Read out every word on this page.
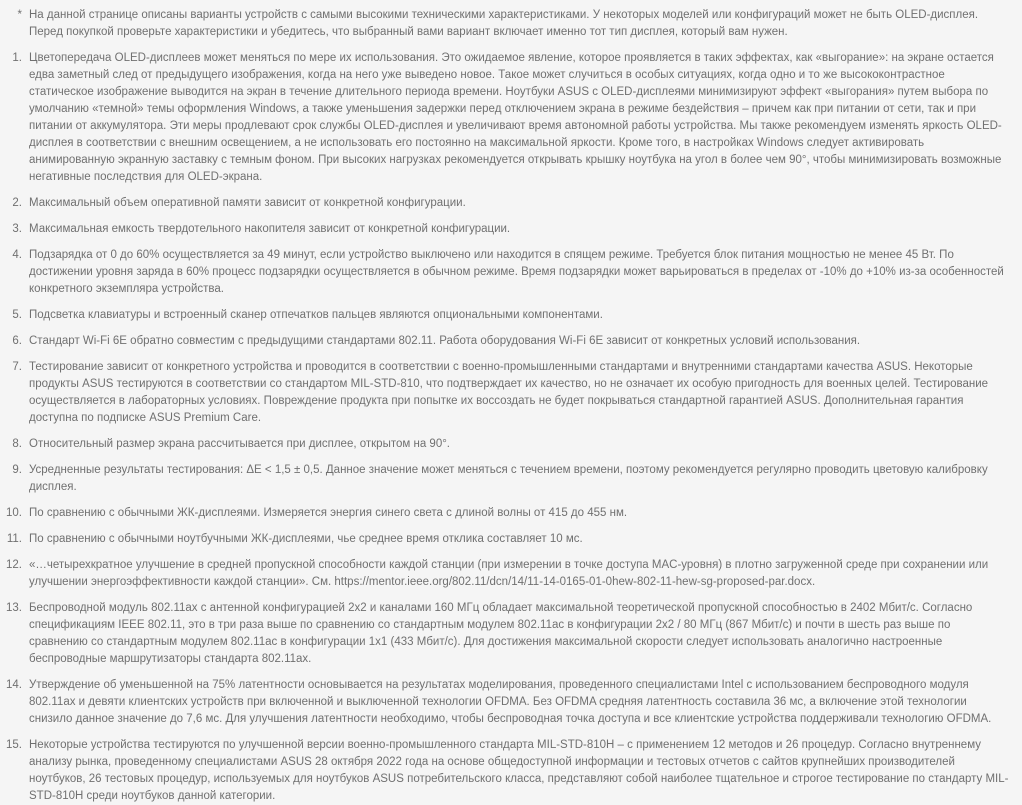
* На данной странице описаны варианты устройств с самыми высокими техническими характеристиками. У некоторых моделей или конфигураций может не быть OLED-дисплея. Перед покупкой проверьте характеристики и убедитесь, что выбранный вами вариант включает именно тот тип дисплея, который вам нужен.
1. Цветопередача OLED-дисплеев может меняться по мере их использования. Это ожидаемое явление, которое проявляется в таких эффектах, как «выгорание»: на экране остается едва заметный след от предыдущего изображения, когда на него уже выведено новое. Такое может случиться в особых ситуациях, когда одно и то же высококонтрастное статическое изображение выводится на экран в течение длительного периода времени. Ноутбуки ASUS с OLED-дисплеями минимизируют эффект «выгорания» путем выбора по умолчанию «темной» темы оформления Windows, а также уменьшения задержки перед отключением экрана в режиме бездействия – причем как при питании от сети, так и при питании от аккумулятора. Эти меры продлевают срок службы OLED-дисплея и увеличивают время автономной работы устройства. Мы также рекомендуем изменять яркость OLED-дисплея в соответствии с внешним освещением, а не использовать его постоянно на максимальной яркости. Кроме того, в настройках Windows следует активировать анимированную экранную заставку с темным фоном. При высоких нагрузках рекомендуется открывать крышку ноутбука на угол в более чем 90°, чтобы минимизировать возможные негативные последствия для OLED-экрана.
2. Максимальный объем оперативной памяти зависит от конкретной конфигурации.
3. Максимальная емкость твердотельного накопителя зависит от конкретной конфигурации.
4. Подзарядка от 0 до 60% осуществляется за 49 минут, если устройство выключено или находится в спящем режиме. Требуется блок питания мощностью не менее 45 Вт. По достижении уровня заряда в 60% процесс подзарядки осуществляется в обычном режиме. Время подзарядки может варьироваться в пределах от -10% до +10% из-за особенностей конкретного экземпляра устройства.
5. Подсветка клавиатуры и встроенный сканер отпечатков пальцев являются опциональными компонентами.
6. Стандарт Wi-Fi 6E обратно совместим с предыдущими стандартами 802.11. Работа оборудования Wi-Fi 6E зависит от конкретных условий использования.
7. Тестирование зависит от конкретного устройства и проводится в соответствии с военно-промышленными стандартами и внутренними стандартами качества ASUS. Некоторые продукты ASUS тестируются в соответствии со стандартом MIL-STD-810, что подтверждает их качество, но не означает их особую пригодность для военных целей. Тестирование осуществляется в лабораторных условиях. Повреждение продукта при попытке их воссоздать не будет покрываться стандартной гарантией ASUS. Дополнительная гарантия доступна по подписке ASUS Premium Care.
8. Относительный размер экрана рассчитывается при дисплее, открытом на 90°.
9. Усредненные результаты тестирования: ΔE < 1,5 ± 0,5. Данное значение может меняться с течением времени, поэтому рекомендуется регулярно проводить цветовую калибровку дисплея.
10. По сравнению с обычными ЖК-дисплеями. Измеряется энергия синего света с длиной волны от 415 до 455 нм.
11. По сравнению с обычными ноутбучными ЖК-дисплеями, чье среднее время отклика составляет 10 мс.
12. «…четырехкратное улучшение в средней пропускной способности каждой станции (при измерении в точке доступа MAC-уровня) в плотно загруженной среде при сохранении или улучшении энергоэффективности каждой станции». См. https://mentor.ieee.org/802.11/dcn/14/11-14-0165-01-0hew-802-11-hew-sg-proposed-par.docx.
13. Беспроводной модуль 802.11ax с антенной конфигурацией 2x2 и каналами 160 МГц обладает максимальной теоретической пропускной способностью в 2402 Мбит/с. Согласно спецификациям IEEE 802.11, это в три раза выше по сравнению со стандартным модулем 802.11ac в конфигурации 2x2 / 80 МГц (867 Мбит/с) и почти в шесть раз выше по сравнению со стандартным модулем 802.11ac в конфигурации 1x1 (433 Мбит/с). Для достижения максимальной скорости следует использовать аналогично настроенные беспроводные маршрутизаторы стандарта 802.11ax.
14. Утверждение об уменьшенной на 75% латентности основывается на результатах моделирования, проведенного специалистами Intel с использованием беспроводного модуля 802.11ax и девяти клиентских устройств при включенной и выключенной технологии OFDMA. Без OFDMA средняя латентность составила 36 мс, а включение этой технологии снизило данное значение до 7,6 мс. Для улучшения латентности необходимо, чтобы беспроводная точка доступа и все клиентские устройства поддерживали технологию OFDMA.
15. Некоторые устройства тестируются по улучшенной версии военно-промышленного стандарта MIL-STD-810H – с применением 12 методов и 26 процедур. Согласно внутреннему анализу рынка, проведенному специалистами ASUS 28 октября 2022 года на основе общедоступной информации и тестовых отчетов с сайтов крупнейших производителей ноутбуков, 26 тестовых процедур, используемых для ноутбуков ASUS потребительского класса, представляют собой наиболее тщательное и строгое тестирование по стандарту MIL-STD-810H среди ноутбуков данной категории.
